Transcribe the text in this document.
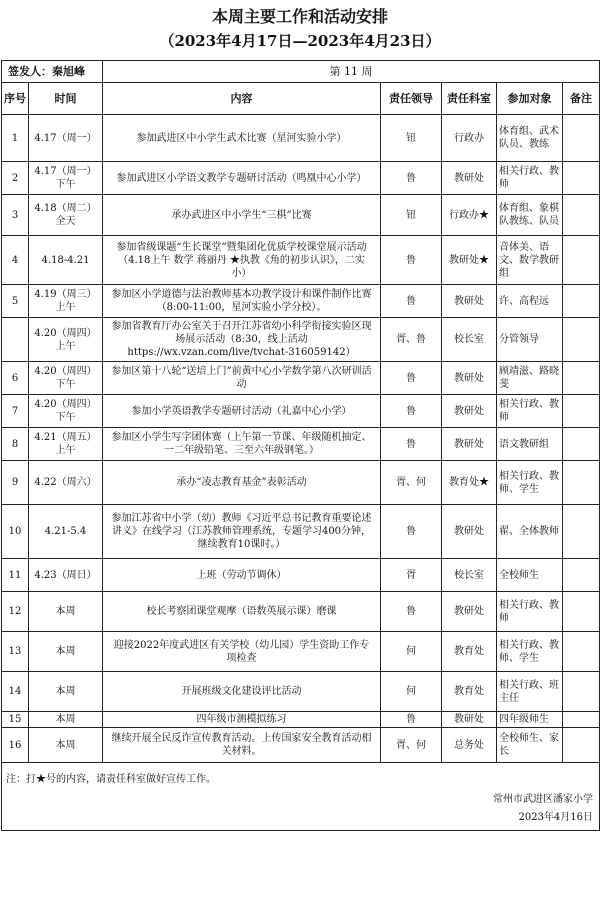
本周主要工作和活动安排
（2023年4月17日—2023年4月23日）
签发人：秦旭峰		第 11 周				
序号	时间	内容	责任领导	责任科室	参加对象	备注
1	4.17（周一）	参加武进区中小学生武术比赛（星河实验小学）	钮	行政办	体育组、武术队员、教练	
2	4.17（周一）下午	参加武进区小学语文教学专题研讨活动（鸣凰中心小学）	鲁	教研处	相关行政、教师	
3	4.18（周二）全天	承办武进区中小学生“三棋”比赛	钮	行政办★	体育组、象棋队教练、队员	
4	4.18-4.21	参加省级课题“生长课堂”暨集团化优质学校课堂展示活动（4.18上午 数学 蒋丽丹 ★执教《角的初步认识》，二实小）	鲁	教研处★	音体美、语文、数学教研组	
5	4.19（周三）上午	参加区小学道德与法治教师基本功教学设计和课件制作比赛（8:00-11:00，星河实验小学分校）。	鲁	教研处	许、高程远	
	4.20（周四）上午	参加省教育厅办公室关于召开江苏省幼小科学衔接实验区现场展示活动（8:30，线上活动 https://wx.vzan.com/live/tvchat-316059142）	胥、鲁	校长室	分管领导	
6	4.20（周四）下午	参加区第十八轮“送培上门”前黄中心小学数学第八次研训活动	鲁	教研处	顾靖滋、路晓斐	
7	4.20（周四）下午	参加小学英语教学专题研讨活动（礼嘉中心小学）	鲁	教研处	相关行政、教师	
8	4.21（周五）上午	参加区小学生写字团体赛（上午第一节课、年级随机抽定、一二年级铅笔、三至六年级钢笔。）	鲁	教研处	语文教研组	
9	4.22（周六）	承办“凌志教育基金”表彰活动	胥、何	教育处★	相关行政、教师、学生	
10	4.21-5.4	参加江苏省中小学（幼）教师《习近平总书记教育重要论述讲义》在线学习（江苏教师管理系统，专题学习400分钟，继续教育10课时。）	鲁	教研处	翟、全体教师	
11	4.23（周日）	上班（劳动节调休）	胥	校长室	全校师生	
12	本周	校长考察团课堂观摩（语数英展示课）磨课	鲁	教研处	相关行政、教师	
13	本周	迎接2022年度武进区有关学校（幼儿园）学生资助工作专项检查	何	教育处	相关行政、教师、学生	
14	本周	开展班级文化建设评比活动	何	教育处	相关行政、班主任	
15	本周	四年级市测模拟练习	鲁	教研处	四年级师生	
16	本周	继续开展全民反诈宣传教育活动。上传国家安全教育活动相关材料。	胥、何	总务处	全校师生、家长	

注：打★号的内容，请责任科室做好宣传工作。
常州市武进区潘家小学
2023年4月16日						
